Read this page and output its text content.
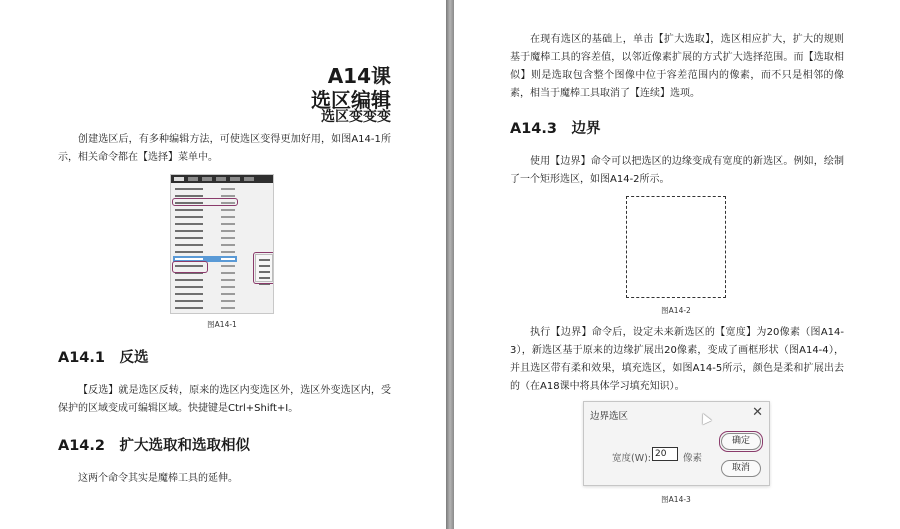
A14课
选区编辑
选区变变变
创建选区后，有多种编辑方法，可使选区变得更加好用，如图A14-1所示，相关命令都在【选择】菜单中。
图A14-1
A14.1　反选
【反选】就是选区反转，原来的选区内变选区外，选区外变选区内，受保护的区域变成可编辑区域。快捷键是Ctrl+Shift+I。
A14.2　扩大选取和选取相似
这两个命令其实是魔棒工具的延伸。
在现有选区的基础上，单击【扩大选取】，选区相应扩大，扩大的规则基于魔棒工具的容差值，以邻近像素扩展的方式扩大选择范围。而【选取相似】则是选取包含整个图像中位于容差范围内的像素，而不只是相邻的像素，相当于魔棒工具取消了【连续】选项。
A14.3　边界
使用【边界】命令可以把选区的边缘变成有宽度的新选区。例如，绘制了一个矩形选区，如图A14-2所示。
图A14-2
执行【边界】命令后，设定未来新选区的【宽度】为20像素（图A14-3），新选区基于原来的边缘扩展出20像素，变成了画框形状（图A14-4），并且选区带有柔和效果，填充选区，如图A14-5所示，颜色是柔和扩展出去的（在A18课中将具体学习填充知识）。
边界选区	✕
宽度(W): 20	像素
确定
取消
图A14-3
